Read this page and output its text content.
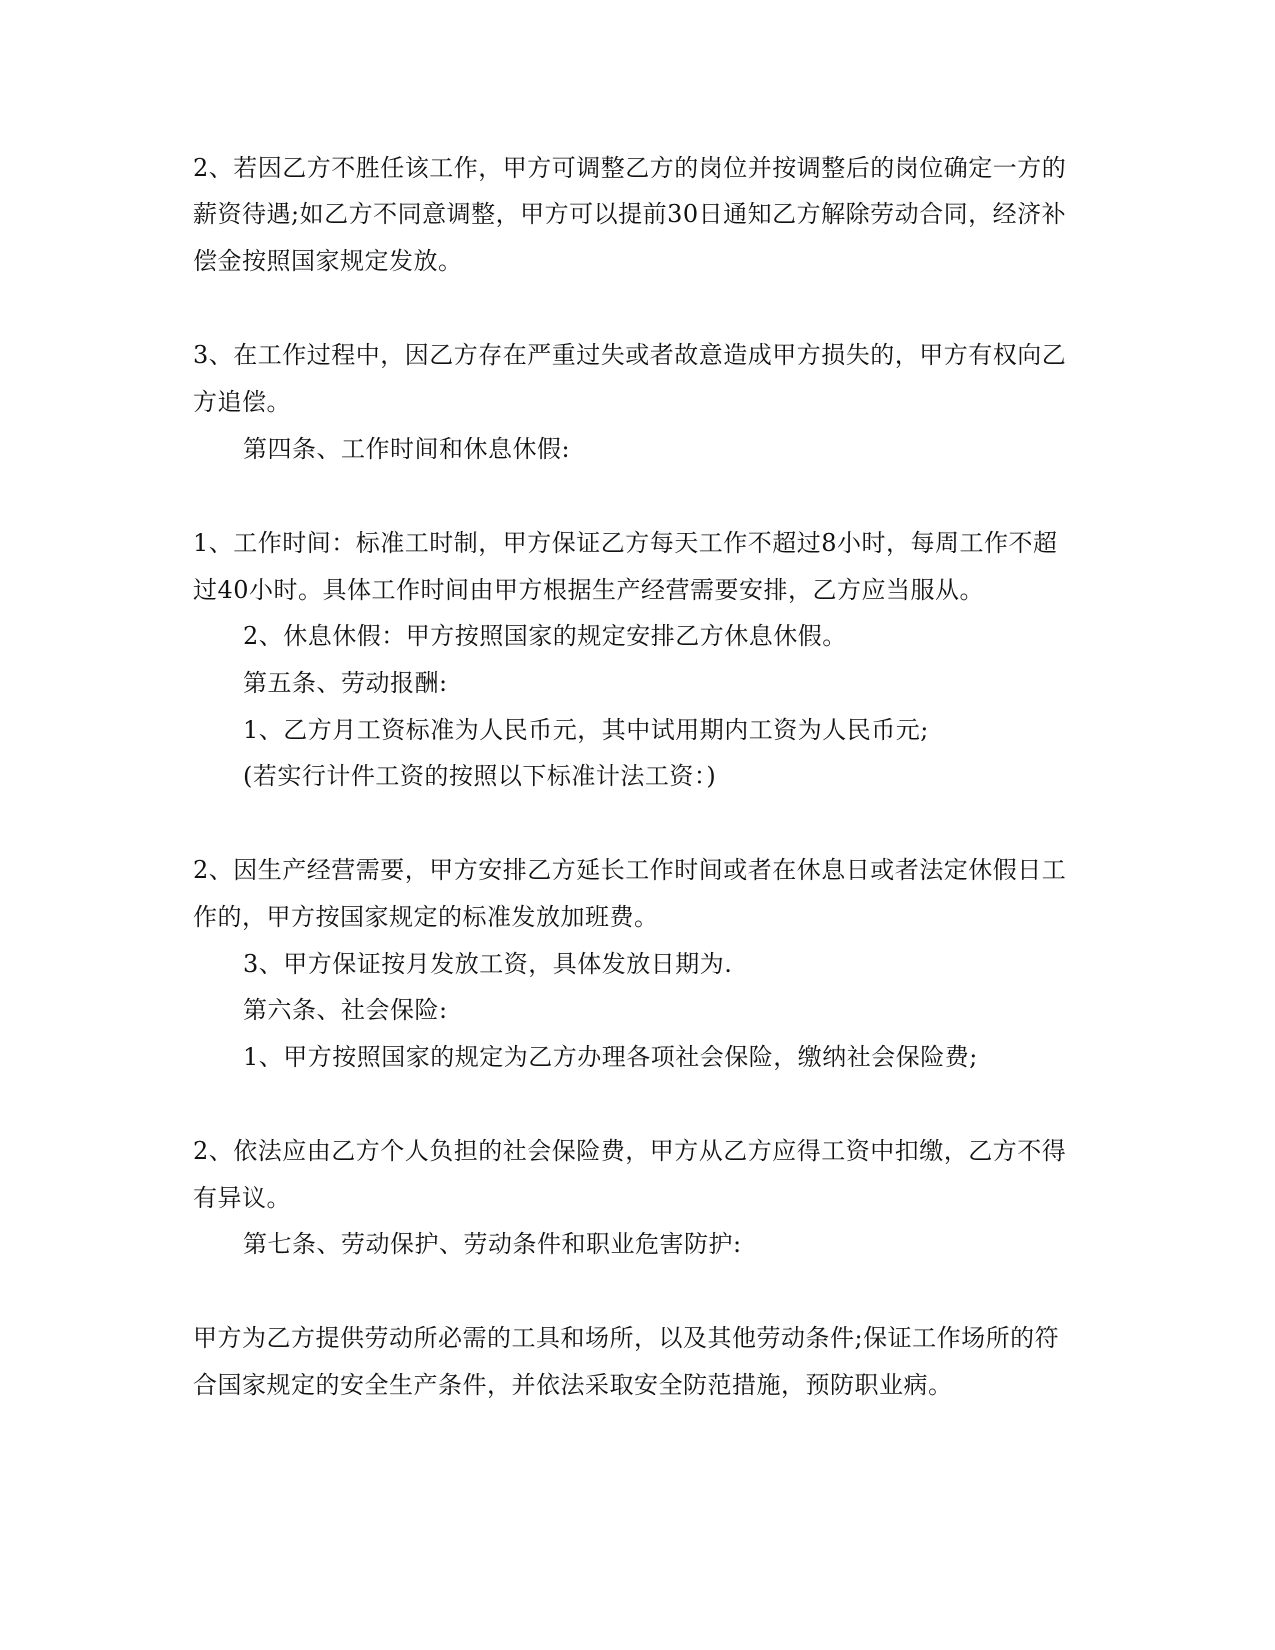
2、若因乙方不胜任该工作，甲方可调整乙方的岗位并按调整后的岗位确定一方的
薪资待遇;如乙方不同意调整，甲方可以提前30日通知乙方解除劳动合同，经济补
偿金按照国家规定发放。
3、在工作过程中，因乙方存在严重过失或者故意造成甲方损失的，甲方有权向乙
方追偿。
第四条、工作时间和休息休假:
1、工作时间：标准工时制，甲方保证乙方每天工作不超过8小时，每周工作不超
过40小时。具体工作时间由甲方根据生产经营需要安排，乙方应当服从。
2、休息休假：甲方按照国家的规定安排乙方休息休假。
第五条、劳动报酬:
1、乙方月工资标准为人民币元，其中试用期内工资为人民币元;
(若实行计件工资的按照以下标准计法工资：)
2、因生产经营需要，甲方安排乙方延长工作时间或者在休息日或者法定休假日工
作的，甲方按国家规定的标准发放加班费。
3、甲方保证按月发放工资，具体发放日期为.
第六条、社会保险:
1、甲方按照国家的规定为乙方办理各项社会保险，缴纳社会保险费;
2、依法应由乙方个人负担的社会保险费，甲方从乙方应得工资中扣缴，乙方不得
有异议。
第七条、劳动保护、劳动条件和职业危害防护:
甲方为乙方提供劳动所必需的工具和场所，以及其他劳动条件;保证工作场所的符
合国家规定的安全生产条件，并依法采取安全防范措施，预防职业病。
